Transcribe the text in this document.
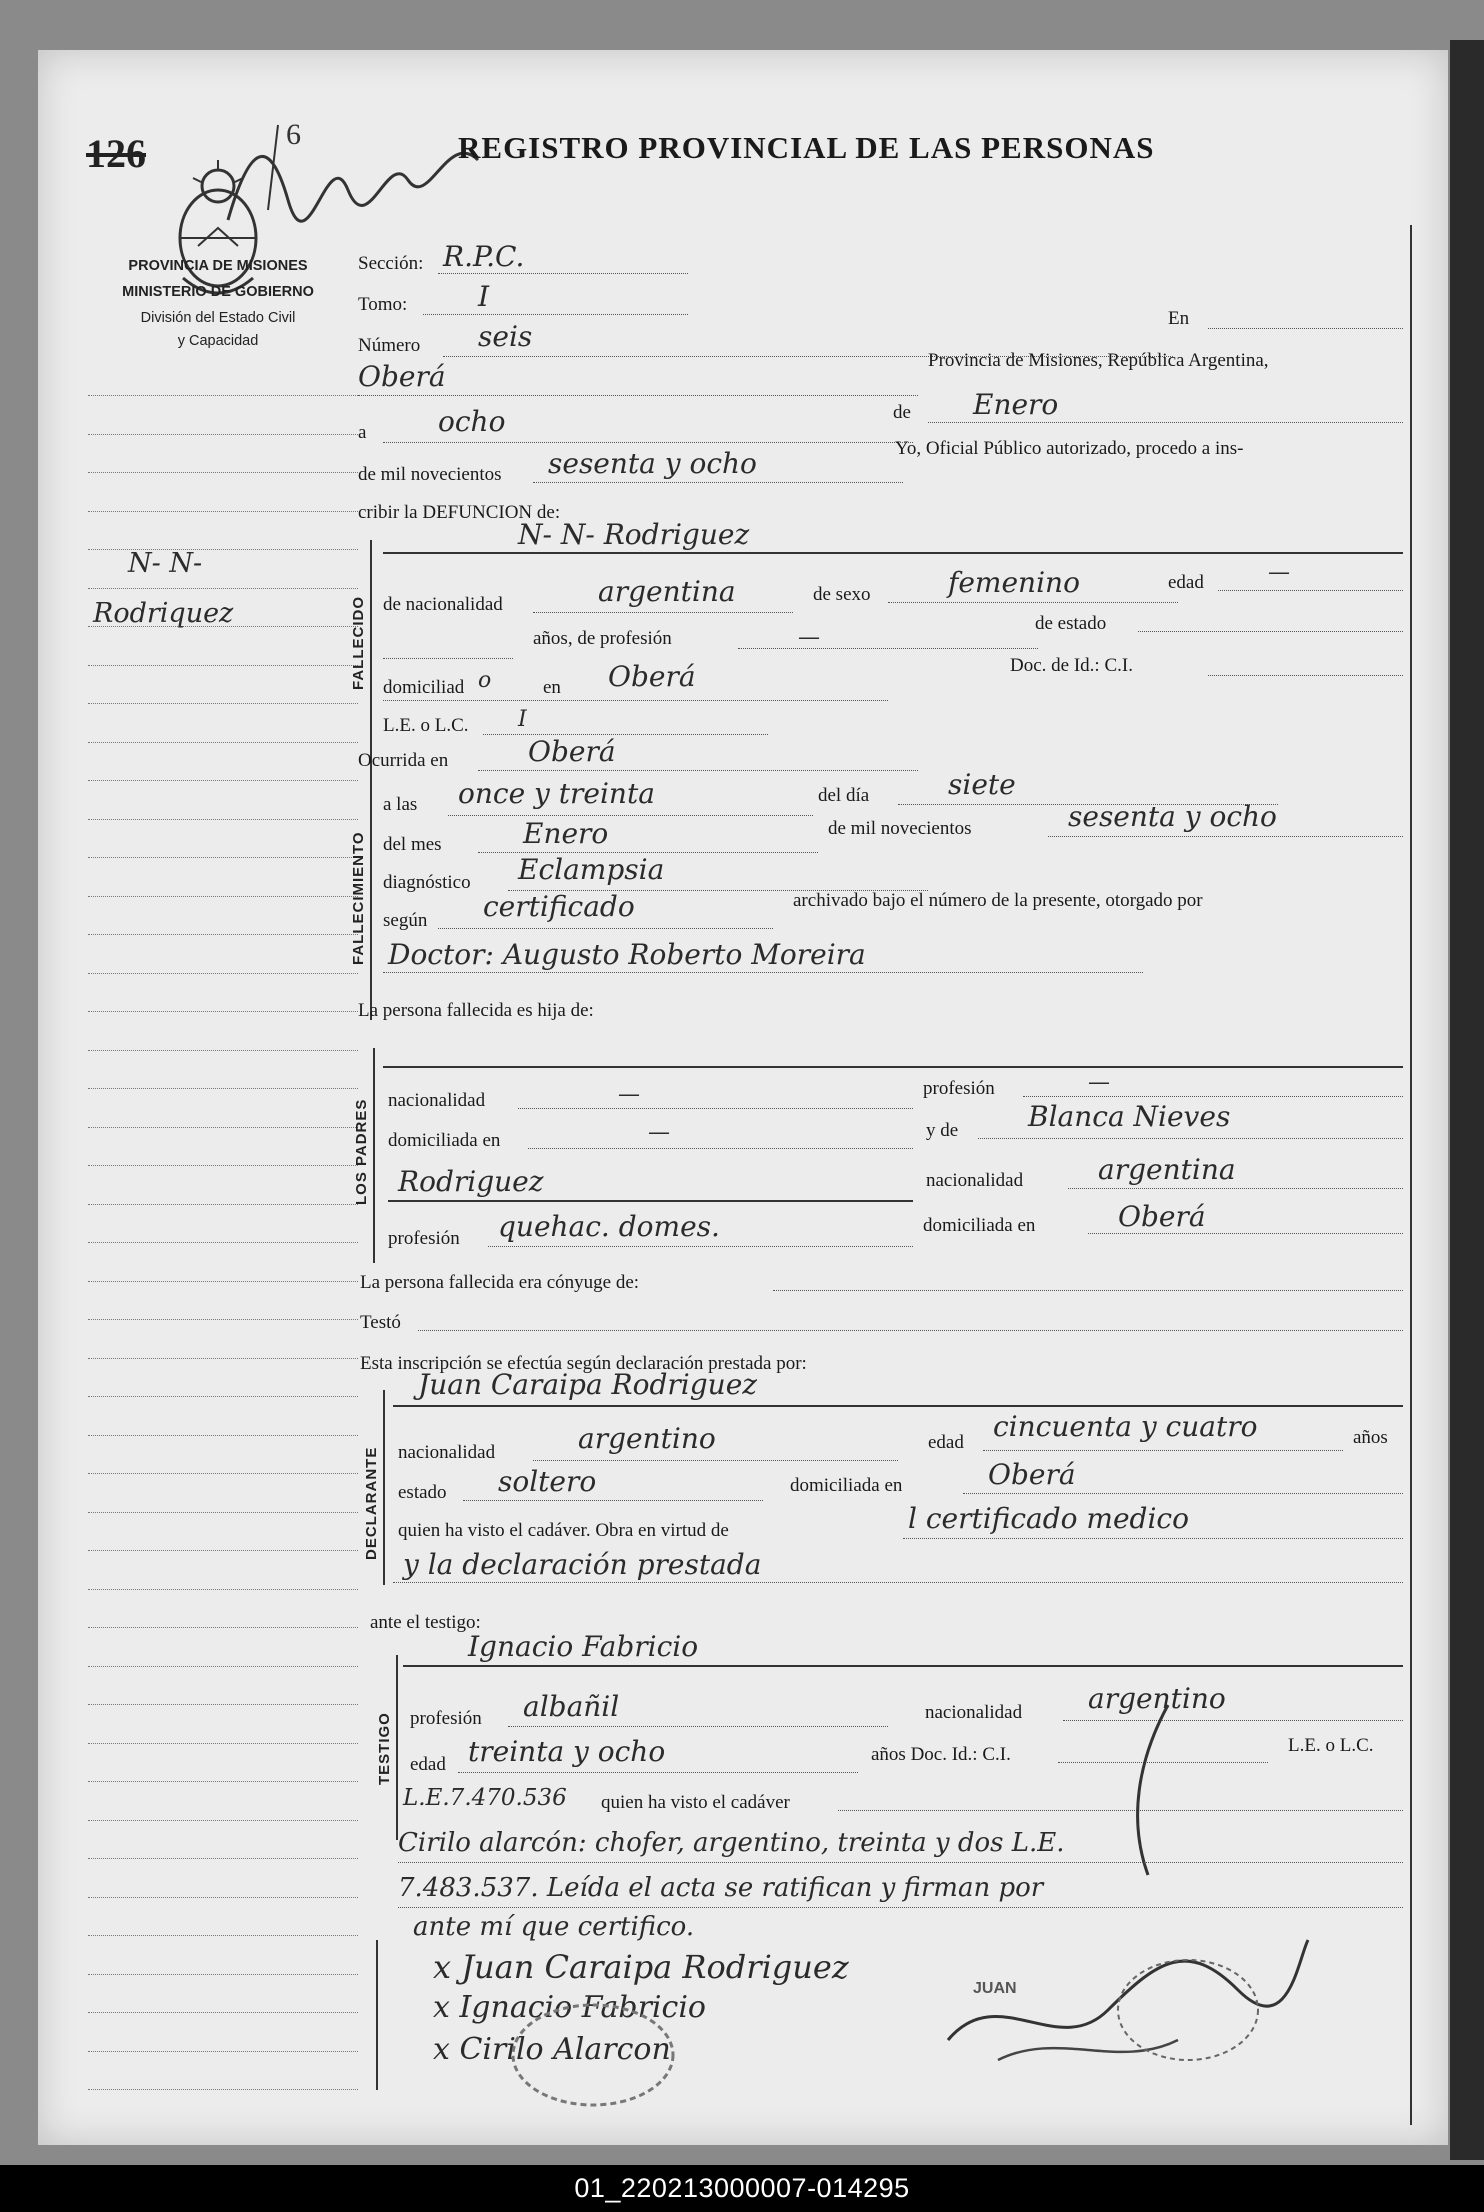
126	6	REGISTRO PROVINCIAL DE LAS PERSONAS
PROVINCIA DE MISIONES
MINISTERIO DE GOBIERNO
División del Estado Civil
y Capacidad
N- N-
Rodriquez
Sección: R.P.C.
Tomo:	I
Número seis
En
Oberá	Provincia de Misiones, República Argentina,
a	ocho	de Enero
de mil novecientos sesenta y ocho	Yo, Oficial Público autorizado, procedo a ins-
cribir la DEFUNCION de:
FALLECIDO
N- N- Rodriguez
de nacionalidad	argentina	de sexo	femenino	edad	—
años, de profesión	—
de estado
domiciliad o	en Oberá	Doc. de Id.: C.I.
L.E. o L.C. I
Ocurrida en	Oberá
FALLECIMIENTO
a las once y treinta	del día	siete
del mes	Enero	de mil novecientos	sesenta y ocho
diagnóstico Eclampsia
según certificado	archivado bajo el número de la presente, otorgado por
Doctor: Augusto Roberto Moreira
La persona fallecida es hija de:
LOS PADRES nacionalidad	—	profesión	—
domiciliada en	—	y de Blanca Nieves
Rodriguez	nacionalidad	argentina
profesión quehac. domes.	domiciliada en	Oberá
La persona fallecida era cónyuge de:
Testó
Esta inscripción se efectúa según declaración prestada por:
DECLARANTE
Juan Caraipa Rodriguez
nacionalidad	argentino	edad cincuenta y cuatro	años
estado soltero	domiciliada en	Oberá
quien ha visto el cadáver. Obra en virtud de	l certificado medico
y la declaración prestada
ante el testigo:
TESTIGO
Ignacio Fabricio
profesión albañil	nacionalidad argentino
edad treinta y ocho	años Doc. Id.: C.I.	L.E. o L.C.
L.E.7.470.536 quien ha visto el cadáver
Cirilo alarcón: chofer, argentino, treinta y dos L.E.
7.483.537. Leída el acta se ratifican y firman por
ante mí que certifico.
x Juan Caraipa Rodriguez
x Ignacio Fabricio
x Cirilo Alarcon
JUAN
01_220213000007-014295
